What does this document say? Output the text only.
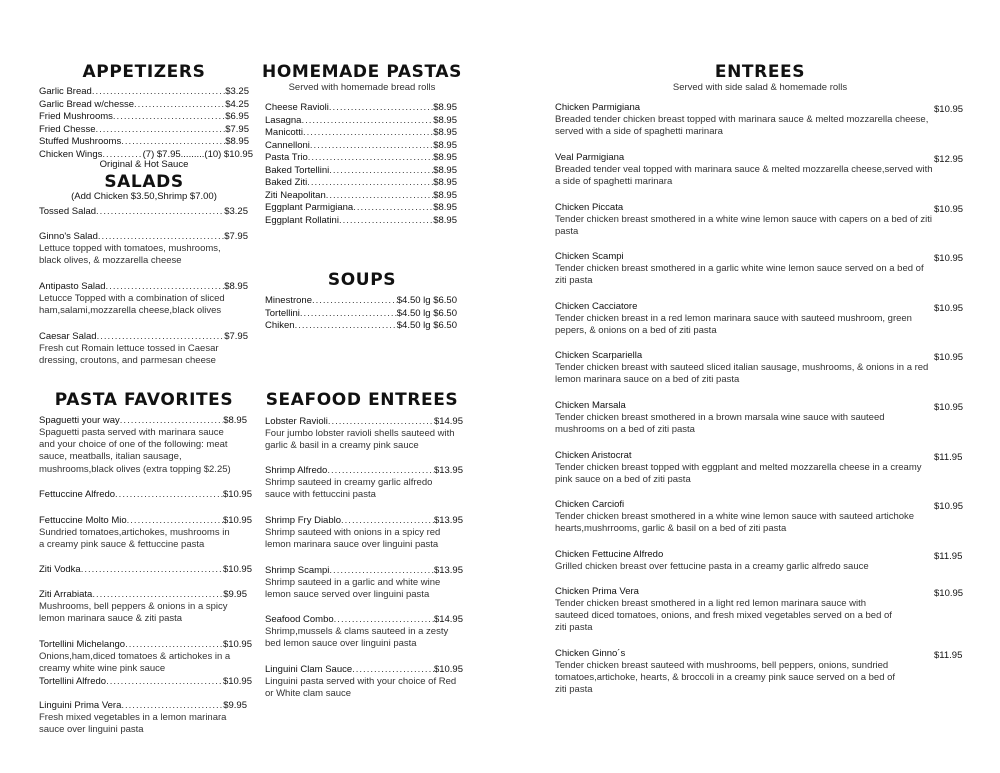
APPETIZERS
Garlic Bread .....	$3.25
Garlic Bread w/chesse .....	$4.25
Fried Mushrooms .....	$6.95
Fried Chesse .....	$7.95
Stuffed Mushrooms .....	$8.95
Chicken Wings .....	(7) $7.95.........(10) $10.95
Original & Hot Sauce
SALADS
(Add Chicken $3.50,Shrimp $7.00)
Tossed Salad .....	$3.25
Ginno's Salad .....	$7.95
Lettuce topped with tomatoes, mushrooms, black olives, & mozzarella cheese
Antipasto Salad .....	$8.95
Letucce Topped with a combination of sliced ham,salami,mozzarella cheese,black olives
Caesar Salad .....	$7.95
Fresh cut Romain lettuce tossed in Caesar dressing, croutons, and parmesan cheese
HOMEMADE PASTAS
Served with homemade bread rolls
Cheese Ravioli .....	$8.95
Lasagna .....	$8.95
Manicotti .....	$8.95
Cannelloni .....	$8.95
Pasta Trio .....	$8.95
Baked Tortellini .....	$8.95
Baked Ziti .....	$8.95
Ziti Neapolitan .....	$8.95
Eggplant Parmigiana .....	$8.95
Eggplant Rollatini .....	$8.95
SOUPS
Minestrone .....	$4.50 lg $6.50
Tortellini .....	$4.50 lg $6.50
Chiken .....	$4.50 lg $6.50
PASTA FAVORITES
Spaguetti your way .....	$8.95
Spaguetti pasta served with marinara sauce and your choice of one of the following: meat sauce, meatballs, italian sausage, mushrooms,black olives (extra topping $2.25)
Fettuccine Alfredo .....	$10.95
Fettuccine Molto Mio .....	$10.95
Sundried tomatoes,artichokes, mushrooms in a creamy pink sauce & fettuccine pasta
Ziti Vodka .....	$10.95
Ziti Arrabiata .....	$9.95
Mushrooms, bell peppers & onions in a spicy lemon marinara sauce & ziti pasta
Tortellini Michelango .....	$10.95
Onions,ham,diced tomatoes & artichokes in a creamy white wine pink sauce
Tortellini Alfredo .....	$10.95
Linguini Prima Vera .....	$9.95
Fresh mixed vegetables in a lemon marinara sauce over linguini pasta
SEAFOOD ENTREES
Lobster Ravioli .....	$14.95
Four jumbo lobster ravioli shells sauteed with garlic & basil in a creamy pink sauce
Shrimp Alfredo .....	$13.95
Shrimp sauteed in creamy garlic alfredo sauce with fettuccini pasta
Shrimp Fry Diablo .....	$13.95
Shrimp sauteed with onions in a spicy red lemon marinara sauce over linguini pasta
Shrimp Scampi .....	$13.95
Shrimp sauteed in a garlic and white wine lemon sauce served over linguini pasta
Seafood Combo .....	$14.95
Shrimp,mussels & clams sauteed in a zesty bed lemon sauce over linguini pasta
Linguini Clam Sauce .....	$10.95
Linguini pasta served with your choice of Red or White clam sauce
ENTREES
Served with side salad & homemade rolls
Chicken Parmigiana	$10.95
Breaded tender chicken breast topped with marinara sauce & melted mozzarella cheese, served with a side of spaghetti marinara
Veal Parmigiana	$12.95
Breaded tender veal topped with marinara sauce & melted mozzarella cheese,served with a side of spaghetti marinara
Chicken Piccata	$10.95
Tender chicken breast smothered in a white wine lemon sauce with capers on a bed of ziti pasta
Chicken Scampi	$10.95
Tender chicken breast smothered in a garlic white wine lemon sauce served on a bed of ziti pasta
Chicken Cacciatore	$10.95
Tender chicken breast in a red lemon marinara sauce with sauteed mushroom, green pepers, & onions on a bed of ziti pasta
Chicken Scarpariella	$10.95
Tender chicken breast with sauteed sliced italian sausage, mushrooms, & onions in a red lemon marinara sauce on a bed of ziti pasta
Chicken Marsala	$10.95
Tender chicken breast smothered in a brown marsala wine sauce with sauteed mushrooms on a bed of ziti pasta
Chicken Aristocrat	$11.95
Tender chicken breast topped with eggplant and melted mozzarella cheese in a creamy pink sauce on a bed of ziti pasta
Chicken Carciofi	$10.95
Tender chicken breast smothered in a white wine lemon sauce with sauteed artichoke hearts,mushrrooms, garlic & basil on a bed of ziti pasta
Chicken Fettucine Alfredo	$11.95
Grilled chicken breast over fettucine pasta in a creamy garlic alfredo sauce
Chicken Prima Vera	$10.95
Tender chicken breast smothered in a light red lemon marinara sauce with sauteed diced tomatoes, onions, and fresh mixed vegetables served on a bed of ziti pasta
Chicken Ginno´s	$11.95
Tender chicken breast sauteed with mushrooms, bell peppers, onions, sundried tomatoes,artichoke, hearts, & broccoli in a creamy pink sauce served on a bed of ziti pasta
